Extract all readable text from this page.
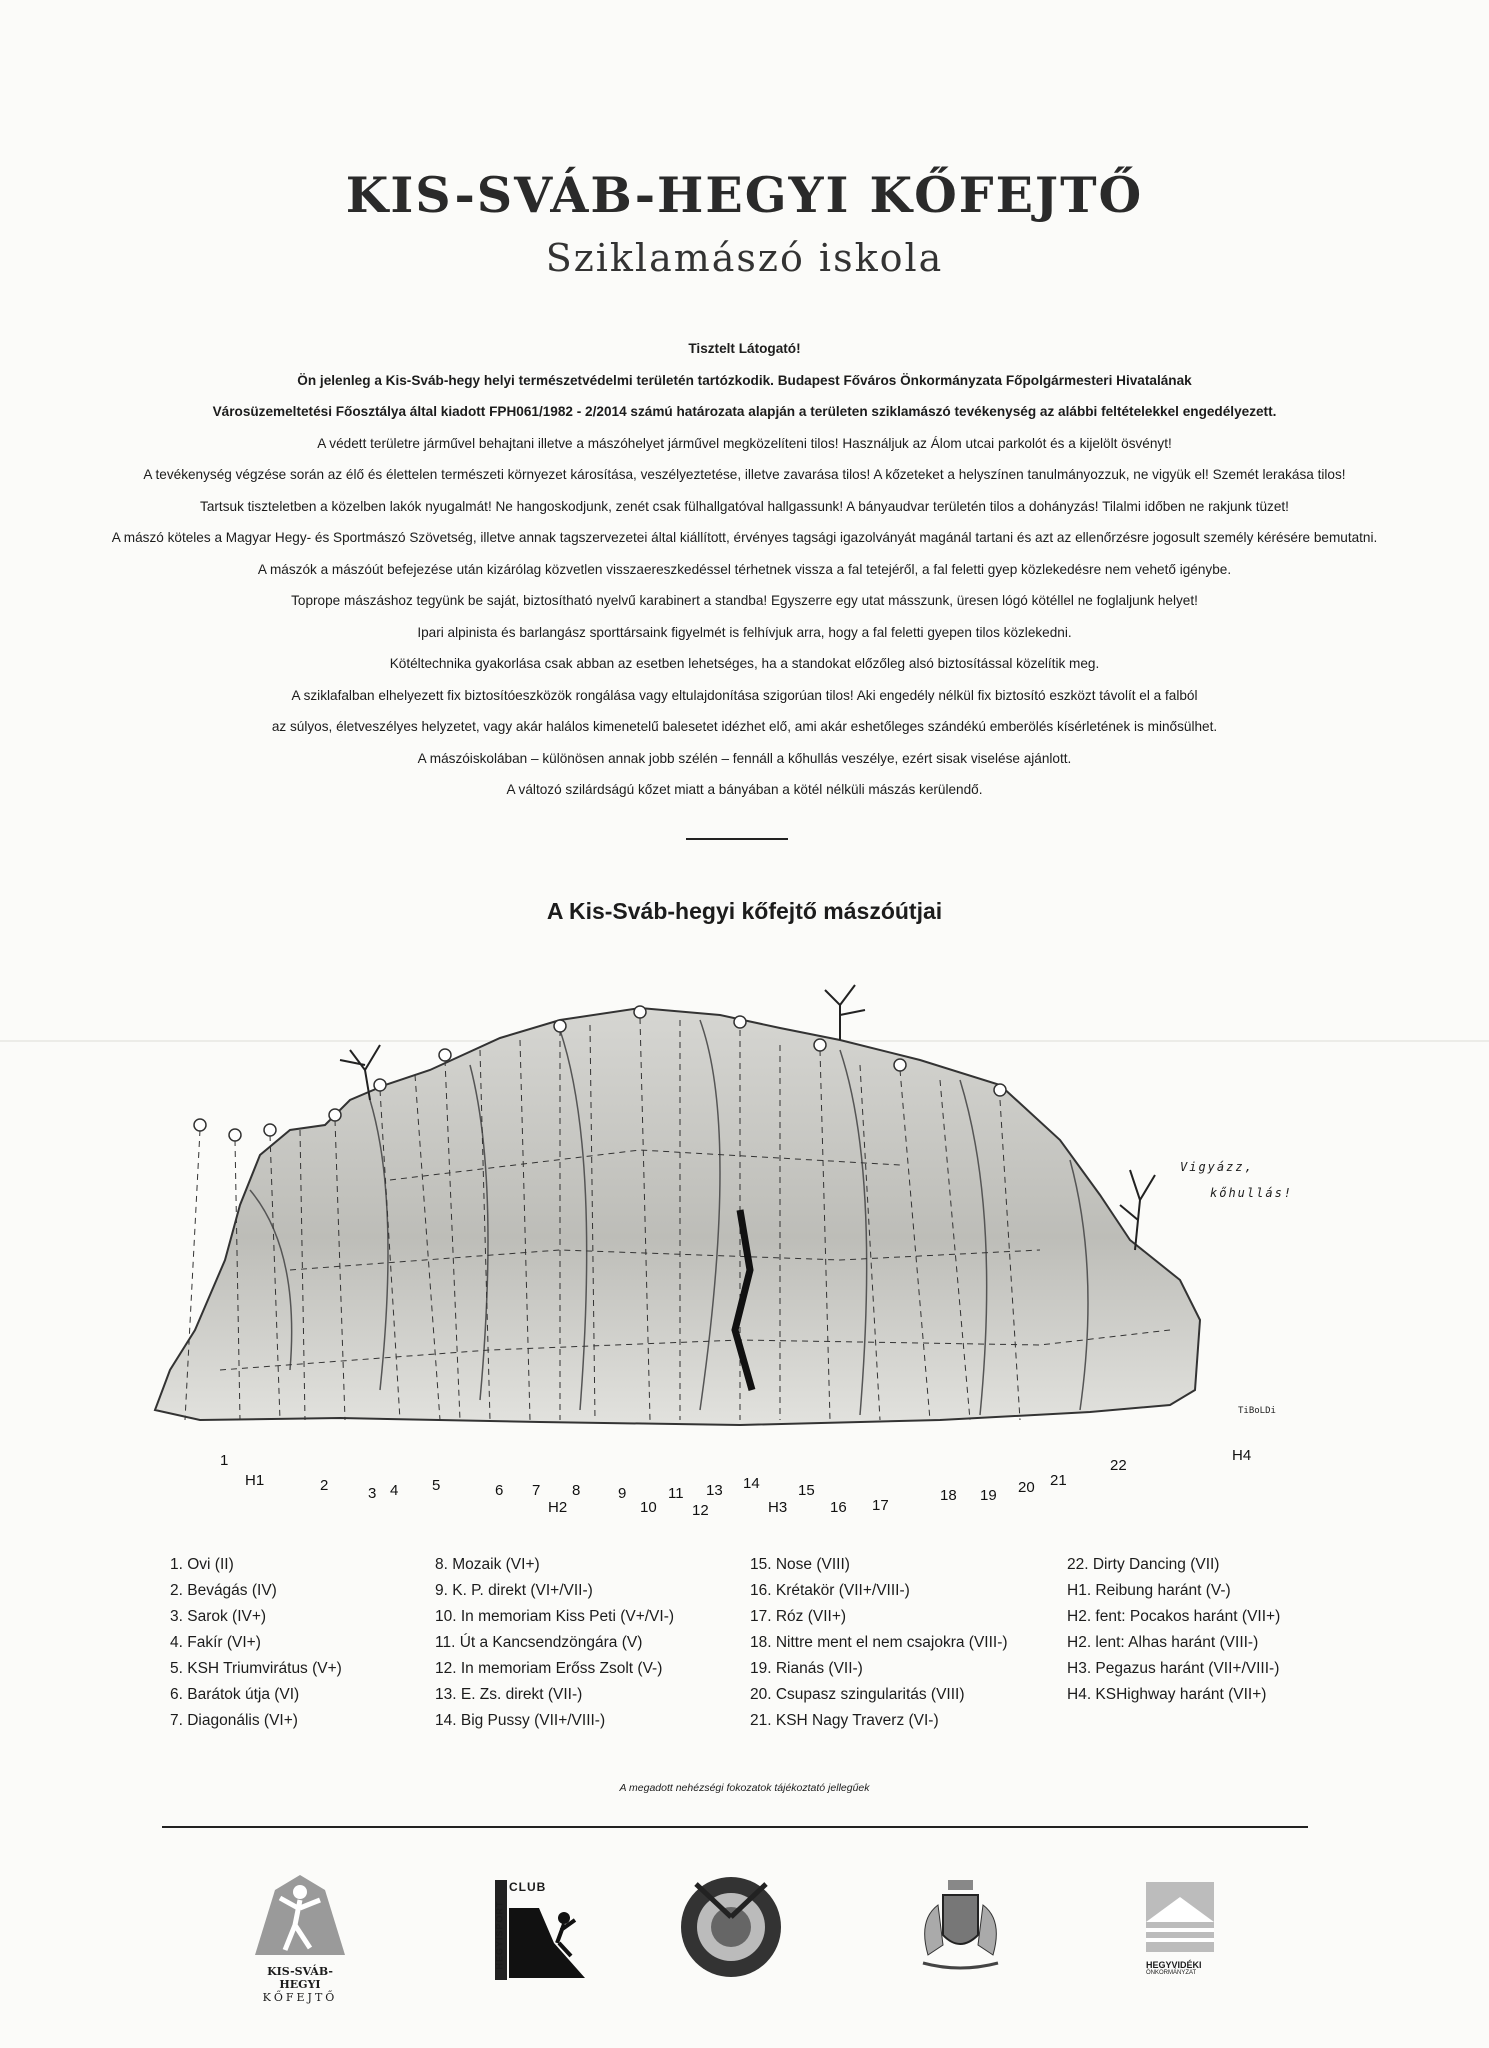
KIS-SVÁB-HEGYI KŐFEJTŐ
Sziklamászó iskola

Tisztelt Látogató!

Ön jelenleg a Kis-Sváb-hegy helyi természetvédelmi területén tartózkodik. Budapest Főváros Önkormányzata Főpolgármesteri Hivatalának

Városüzemeltetési Főosztálya által kiadott FPH061/1982 - 2/2014 számú határozata alapján a területen sziklamászó tevékenység az alábbi feltételekkel engedélyezett.

A védett területre járművel behajtani illetve a mászóhelyet járművel megközelíteni tilos! Használjuk az Álom utcai parkolót és a kijelölt ösvényt!

A tevékenység végzése során az élő és élettelen természeti környezet károsítása, veszélyeztetése, illetve zavarása tilos! A kőzeteket a helyszínen tanulmányozzuk, ne vigyük el! Szemét lerakása tilos!

Tartsuk tiszteletben a közelben lakók nyugalmát! Ne hangoskodjunk, zenét csak fülhallgatóval hallgassunk! A bányaudvar területén tilos a dohányzás! Tilalmi időben ne rakjunk tüzet!

A mászó köteles a Magyar Hegy- és Sportmászó Szövetség, illetve annak tagszervezetei által kiállított, érvényes tagsági igazolványát magánál tartani és azt az ellenőrzésre jogosult személy kérésére bemutatni.

A mászók a mászóút befejezése után kizárólag közvetlen visszaereszkedéssel térhetnek vissza a fal tetejéről, a fal feletti gyep közlekedésre nem vehető igénybe.

Toprope mászáshoz tegyünk be saját, biztosítható nyelvű karabinert a standba! Egyszerre egy utat másszunk, üresen lógó kötéllel ne foglaljunk helyet!

Ipari alpinista és barlangász sporttársaink figyelmét is felhívjuk arra, hogy a fal feletti gyepen tilos közlekedni.

Kötéltechnika gyakorlása csak abban az esetben lehetséges, ha a standokat előzőleg alsó biztosítással közelítik meg.

A sziklafalban elhelyezett fix biztosítóeszközök rongálása vagy eltulajdonítása szigorúan tilos! Aki engedély nélkül fix biztosító eszközt távolít el a falból

az súlyos, életveszélyes helyzetet, vagy akár halálos kimenetelű balesetet idézhet elő, ami akár eshetőleges szándékú emberölés kísérletének is minősülhet.

A mászóiskolában – különösen annak jobb szélén – fennáll a kőhullás veszélye, ezért sisak viselése ajánlott.

A változó szilárdságú kőzet miatt a bányában a kötél nélküli mászás kerülendő.

A Kis-Sváb-hegyi kőfejtő mászóútjai
1
H1	2	3 4 5	6 7 8
H2
9
10
11
12
13 14
H3
15
16 17
18 19 20 21
22
H4
TiBoLDi
Vigyázz,
kőhullás!
1. Ovi (II)
2. Bevágás (IV)
3. Sarok (IV+)
4. Fakír (VI+)
5. KSH Triumvirátus (V+)
6. Barátok útja (VI)
7. Diagonális (VI+)
8. Mozaik (VI+)
9. K. P. direkt (VI+/VII-)
10. In memoriam Kiss Peti (V+/VI-)
11. Út a Kancsendzöngára (V)
12. In memoriam Erőss Zsolt (V-)
13. E. Zs. direkt (VII-)
14. Big Pussy (VII+/VIII-)
15. Nose (VIII)
16. Krétakör (VII+/VIII-)
17. Róz (VII+)
18. Nittre ment el nem csajokra (VIII-)
19. Rianás (VII-)
20. Csupasz szingularitás (VIII)
21. KSH Nagy Traverz (VI-)
22. Dirty Dancing (VII)
H1. Reibung haránt (V-)
H2. fent: Pocakos haránt (VII+)
H2. lent: Alhas haránt (VIII-)
H3. Pegazus haránt (VII+/VIII-)
H4. KSHighway haránt (VII+)
A megadott nehézségi fokozatok tájékoztató jellegűek
KIS-SVÁB-HEGYI
KŐFEJTŐ
CLUB
HEGYISPORT	HEGYVIDÉKI
ÖNKORMÁNYZAT
